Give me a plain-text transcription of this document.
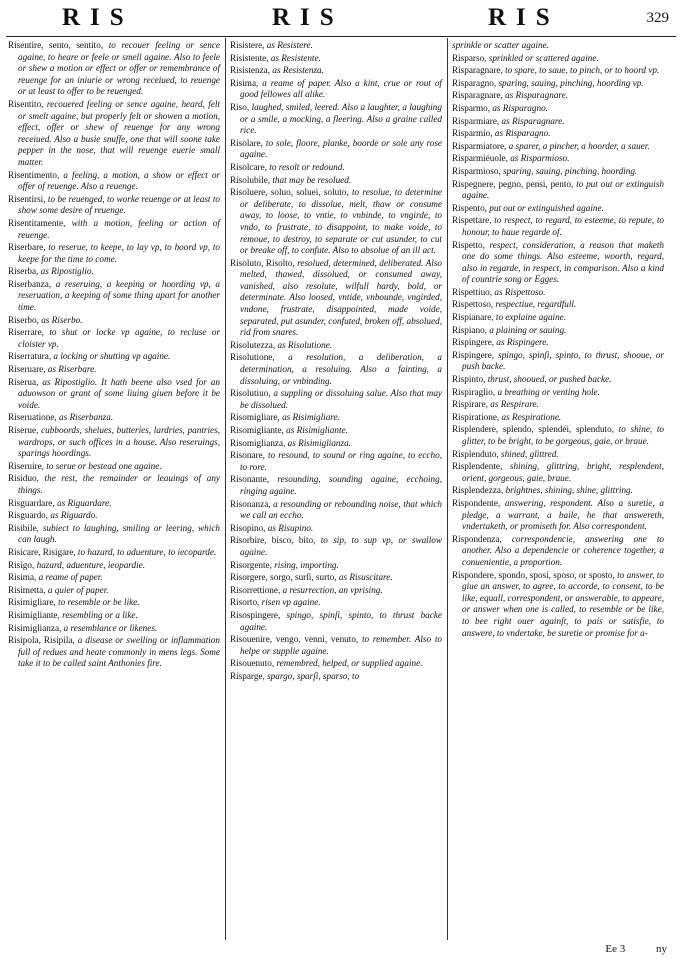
RIS	RIS	RIS	329
Risentire, sento, sentito, to recouer feeling or sence againe, to heare or feele or smell againe. Also to feele or shew a motion or effect or offer or remembrance of reuenge for an iniurie or wrong receiued, to reuenge or at least to offer to be reuenged.
Risentito, recouered feeling or sence againe, heard, felt or smelt againe, but properly felt or showen a motion, effect, offer or shew of reuenge for any wrong receiued. Also a busie snuffe, one that will soone take pepper in the nose, that will reuenge euerie small matter.
Risentimento, a feeling, a motion, a show or effect or offer of reuenge. Also a reuenge.
Risentirsi, to be reuenged, to worke reuenge or at least to show some desire of reuenge.
Risentitamente, with a motion, feeling or action of reuenge.
Riserbare, to reserue, to keepe, to lay vp, to hoord vp, to keepe for the time to come.
Riserba, as Ripostiglio.
Riserbanza, a reseruing, a keeping or hoording vp, a reseruation, a keeping of some thing apart for another time.
Riserbo, as Riserbo.
Riserrare, to shut or locke vp againe, to recluse or cloister vp.
Riserratura, a locking or shutting vp againe.
Riseruare, as Riserbare.
Riserua, as Ripostiglio. It hath beene also vsed for an aduowson or grant of some liuing giuen before it be voide.
Riseruatione, as Riserbanza.
Riserue, cubboords, shelues, butteries, lardries, pantries, wardrops, or such offices in a house. Also reseruings, sparings hoordings.
Riseruire, to serue or bestead one againe.
Risiduo, the rest, the remainder or leauings of any things.
Risguardare, as Riguardare.
Risguardo, as Riguardo.
Risibile, subiect to laughing, smiling or leering, which can laugh.
Risicare, Risigare, to hazard, to aduenture, to iecoparde.
Risigo, hazard, aduenture, ieopardie.
Risima, a reame of paper.
Risimetta, a quier of paper.
Risimigliare, to resemble or be like.
Risimigliante, resembling or a like.
Risimiglianza, a resemblance or likenes.
Risipola, Risipila, a disease or swelling or inflammation full of redues and heate commonly in mens legs. Some take it to be called saint Anthonies fire.
Risistere, as Resistere.
Risistente, as Resistente.
Risistenza, as Resistenza.
Risima, a reame of paper. Also a kint, crue or rout of good fellowes all alike.
Riso, laughed, smiled, leered. Also a laughter, a laughing or a smile, a mocking, a fleering. Also a graine called rice.
Risolare, to sole, floore, planke, boorde or sole any rose againe.
Risolcare, to resolt or redound.
Risolubile, that may be resolued.
Risoluere, soluo, soluei, soluto, to resolue, to determine or deliberate, to dissolue, melt, thaw or consume away, to loose, to vntie, to vnbinde, to vngirde, to vndo, to frustrate, to disappoint, to make voide, to remoue, to destroy, to separate or cut asunder, to cut or breake off, to confute. Also to absolue of an ill act.
Risoluto, Risolto, resolued, determined, deliberated. Also melted, thawed, dissolued, or consumed away, vanished, also resolute, wilfull hardy, bold, or determinate. Also loosed, vntide, vnbounde, vngirded, vndone, frustrate, disappointed, made voide, separated, put asunder, confuted, broken off, absolued, rid from snares.
Risolutezza, as Risolutione.
Risolutione, a resolution, a deliberation, a determination, a resoluing. Also a fainting, a dissoluing, or vnbinding.
Risolutiuo, a suppling or dissoluing salue. Also that may be dissolued.
Risomigliare, as Risimigliare.
Risomigliante, as Risimigliante.
Risomiglianza, as Risimiglianza.
Risonare, to resound, to sound or ring againe, to eccho, to rore.
Risonante, resounding, sounding againe, ecchoing, ringing againe.
Risonanza, a resounding or rebounding noise, that which we call an eccho.
Risopino, as Risupino.
Risorbire, bisco, bito, to sip, to sup vp, or swallow againe.
Risorgente, rising, importing.
Risorgere, sorgo, surſi, surto, as Risuscitare.
Risorrettione, a resurrection, an vprising.
Risorto, risen vp againe.
Risospingere, spingo, spinſi, spinto, to thrust backe againe.
Risouenire, vengo, venni, venuto, to remember. Also to helpe or supplie againe.
Risouenuto, remembred, helped, or supplied againe.
Risparge, spargo, sparſi, sparso, to
sprinkle or scatter againe.
Risparso, sprinkled or scattered againe.
Risparagnare, to spare, to saue, to pinch, or to hoord vp.
Risparagno, sparing, sauing, pinching, hoording vp.
Risparagnare, as Risparagnare.
Risparmo, as Risparagno.
Risparmiare, as Risparagnare.
Risparmio, as Risparagno.
Risparmiatore, a sparer, a pincher, a hoorder, a sauer.
Risparmiéuole, as Risparmioso.
Risparmioso, sparing, sauing, pinching, hoording.
Rispegnere, pegno, pensi, pento, to put out or extinguish againe.
Rispento, put out or extinguished againe.
Rispettare, to respect, to regard, to esteeme, to repute, to honour, to haue regarde of.
Rispetto, respect, consideration, a reason that maketh one do some things. Also esteeme, woorth, regard, also in regarde, in respect, in comparison. Also a kind of countrie song or Egges.
Rispettiuo, as Rispettoso.
Rispettoso, respectiue, regardfull.
Rispianare, to explaine againe.
Rispiano, a plaining or sauing.
Rispingere, as Rispingere.
Rispingere, spingo, spinſi, spinto, to thrust, shooue, or push backe.
Rispinto, thrust, shooued, or pushed backe.
Rispiraglio, a breathing or venting hole.
Rispirare, as Respirare.
Rispiratione, as Respiratione.
Risplendere, splendo, splendéi, splenduto, to shine, to glitter, to be bright, to be gorgeous, gaie, or braue.
Risplenduto, shined, glittred.
Risplendente, shining, glittring, bright, resplendent, orient, gorgeous, gaie, braue.
Risplendezza, brightnes, shining, shine, glittring.
Rispondente, answering, respondent. Also a suretie, a pledge, a warrant, a baile, he that answereth, vndertaketh, or promiseth for. Also correspondent.
Rispondenza, correspondencie, answering one to another. Also a dependencie or coherence together, a conuenientie, a proportion.
Rispondere, spondo, sposi, sposo, or sposto, to answer, to giue an answer, to agree, to accorde, to consent, to be like, equall, correspondent, or answerable, to appeare, or answer when one is called, to resemble or be like, to bee right ouer againſt, to pais or satisfie, to answere, to vndertake, be suretie or promise for a-
Ee 3	ny
